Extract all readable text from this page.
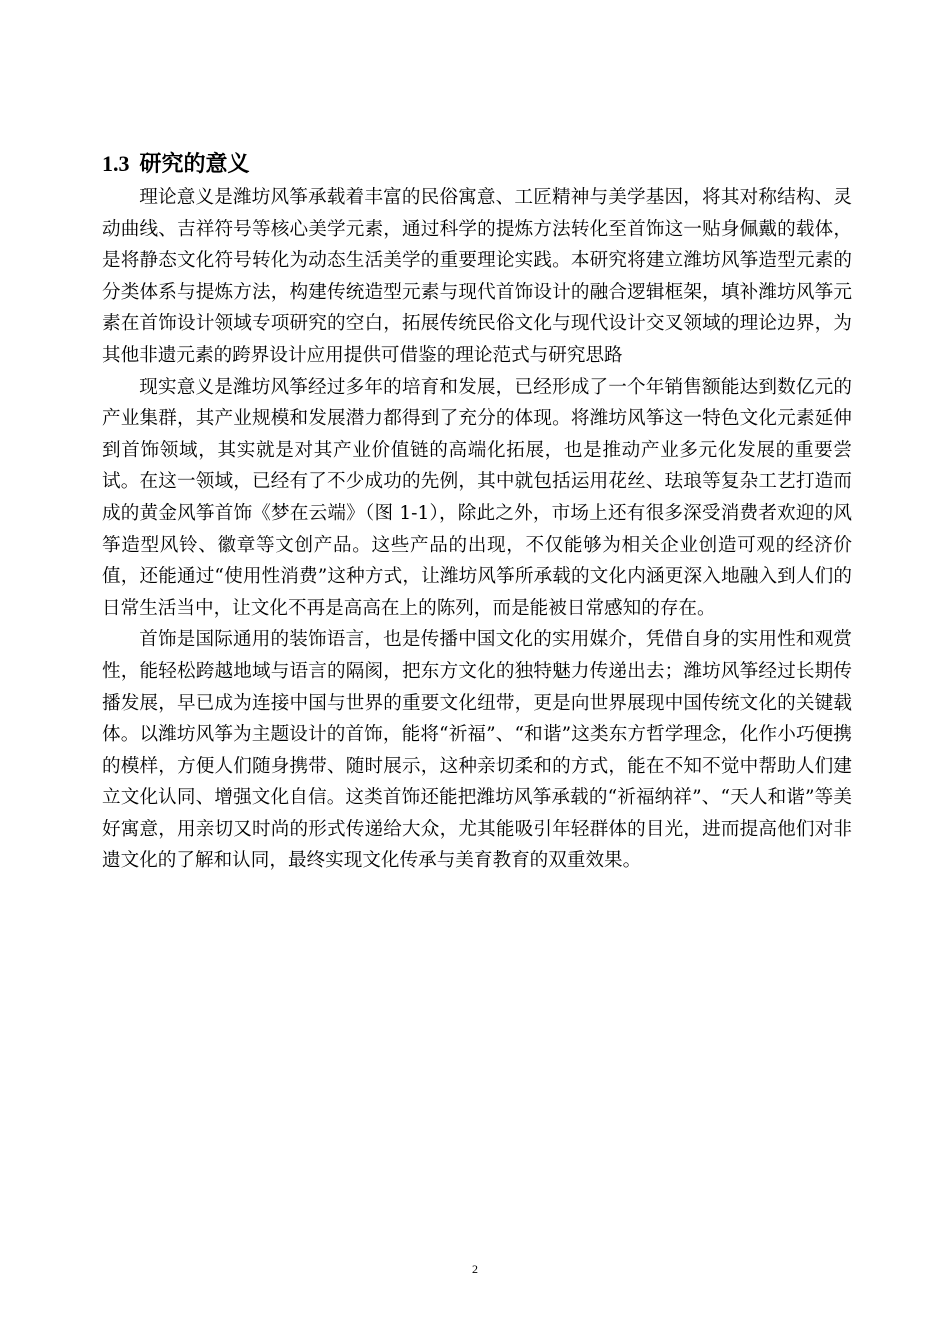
1.3 研究的意义

理论意义是潍坊风筝承载着丰富的民俗寓意、工匠精神与美学基因，将其对称结构、灵动曲线、吉祥符号等核心美学元素，通过科学的提炼方法转化至首饰这一贴身佩戴的载体，是将静态文化符号转化为动态生活美学的重要理论实践。本研究将建立潍坊风筝造型元素的分类体系与提炼方法，构建传统造型元素与现代首饰设计的融合逻辑框架，填补潍坊风筝元素在首饰设计领域专项研究的空白，拓展传统民俗文化与现代设计交叉领域的理论边界，为其他非遗元素的跨界设计应用提供可借鉴的理论范式与研究思路

现实意义是潍坊风筝经过多年的培育和发展，已经形成了一个年销售额能达到数亿元的产业集群，其产业规模和发展潜力都得到了充分的体现。将潍坊风筝这一特色文化元素延伸到首饰领域，其实就是对其产业价值链的高端化拓展，也是推动产业多元化发展的重要尝试。在这一领域，已经有了不少成功的先例，其中就包括运用花丝、珐琅等复杂工艺打造而成的黄金风筝首饰《梦在云端》（图 1-1），除此之外，市场上还有很多深受消费者欢迎的风筝造型风铃、徽章等文创产品。这些产品的出现，不仅能够为相关企业创造可观的经济价值，还能通过“使用性消费”这种方式，让潍坊风筝所承载的文化内涵更深入地融入到人们的日常生活当中，让文化不再是高高在上的陈列，而是能被日常感知的存在。

首饰是国际通用的装饰语言，也是传播中国文化的实用媒介，凭借自身的实用性和观赏性，能轻松跨越地域与语言的隔阂，把东方文化的独特魅力传递出去；潍坊风筝经过长期传播发展，早已成为连接中国与世界的重要文化纽带，更是向世界展现中国传统文化的关键载体。以潍坊风筝为主题设计的首饰，能将“祈福”、“和谐”这类东方哲学理念，化作小巧便携的模样，方便人们随身携带、随时展示，这种亲切柔和的方式，能在不知不觉中帮助人们建立文化认同、增强文化自信。这类首饰还能把潍坊风筝承载的“祈福纳祥”、“天人和谐”等美好寓意，用亲切又时尚的形式传递给大众，尤其能吸引年轻群体的目光，进而提高他们对非遗文化的了解和认同，最终实现文化传承与美育教育的双重效果。

2
